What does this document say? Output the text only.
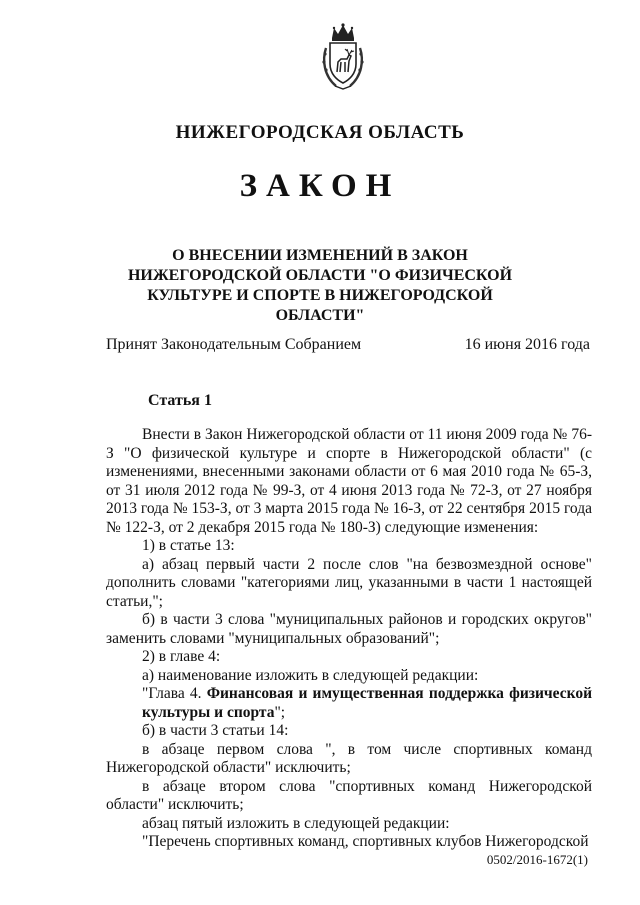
НИЖЕГОРОДСКАЯ ОБЛАСТЬ
ЗАКОН
О ВНЕСЕНИИ ИЗМЕНЕНИЙ В ЗАКОН НИЖЕГОРОДСКОЙ ОБЛАСТИ "О ФИЗИЧЕСКОЙ КУЛЬТУРЕ И СПОРТЕ В НИЖЕГОРОДСКОЙ ОБЛАСТИ"
Принят Законодательным Собранием	16 июня 2016 года
Статья 1

Внести в Закон Нижегородской области от 11 июня 2009 года № 76-З "О физической культуре и спорте в Нижегородской области" (с изменениями, внесенными законами области от 6 мая 2010 года № 65-З, от 31 июля 2012 года № 99-З, от 4 июня 2013 года № 72-З, от 27 ноября 2013 года № 153-З, от 3 марта 2015 года № 16-З, от 22 сентября 2015 года № 122-З, от 2 декабря 2015 года № 180-З) следующие изменения:

1) в статье 13:

а) абзац первый части 2 после слов "на безвозмездной основе" дополнить словами "категориями лиц, указанными в части 1 настоящей статьи,";

б) в части 3 слова "муниципальных районов и городских округов" заменить словами "муниципальных образований";

2) в главе 4:

а) наименование изложить в следующей редакции:

"Глава 4. Финансовая и имущественная поддержка физической культуры и спорта";

б) в части 3 статьи 14:

в абзаце первом слова ", в том числе спортивных команд Нижегородской области" исключить;

в абзаце втором слова "спортивных команд Нижегородской области" исключить;

абзац пятый изложить в следующей редакции:

"Перечень спортивных команд, спортивных клубов Нижегородской

0502/2016-1672(1)
